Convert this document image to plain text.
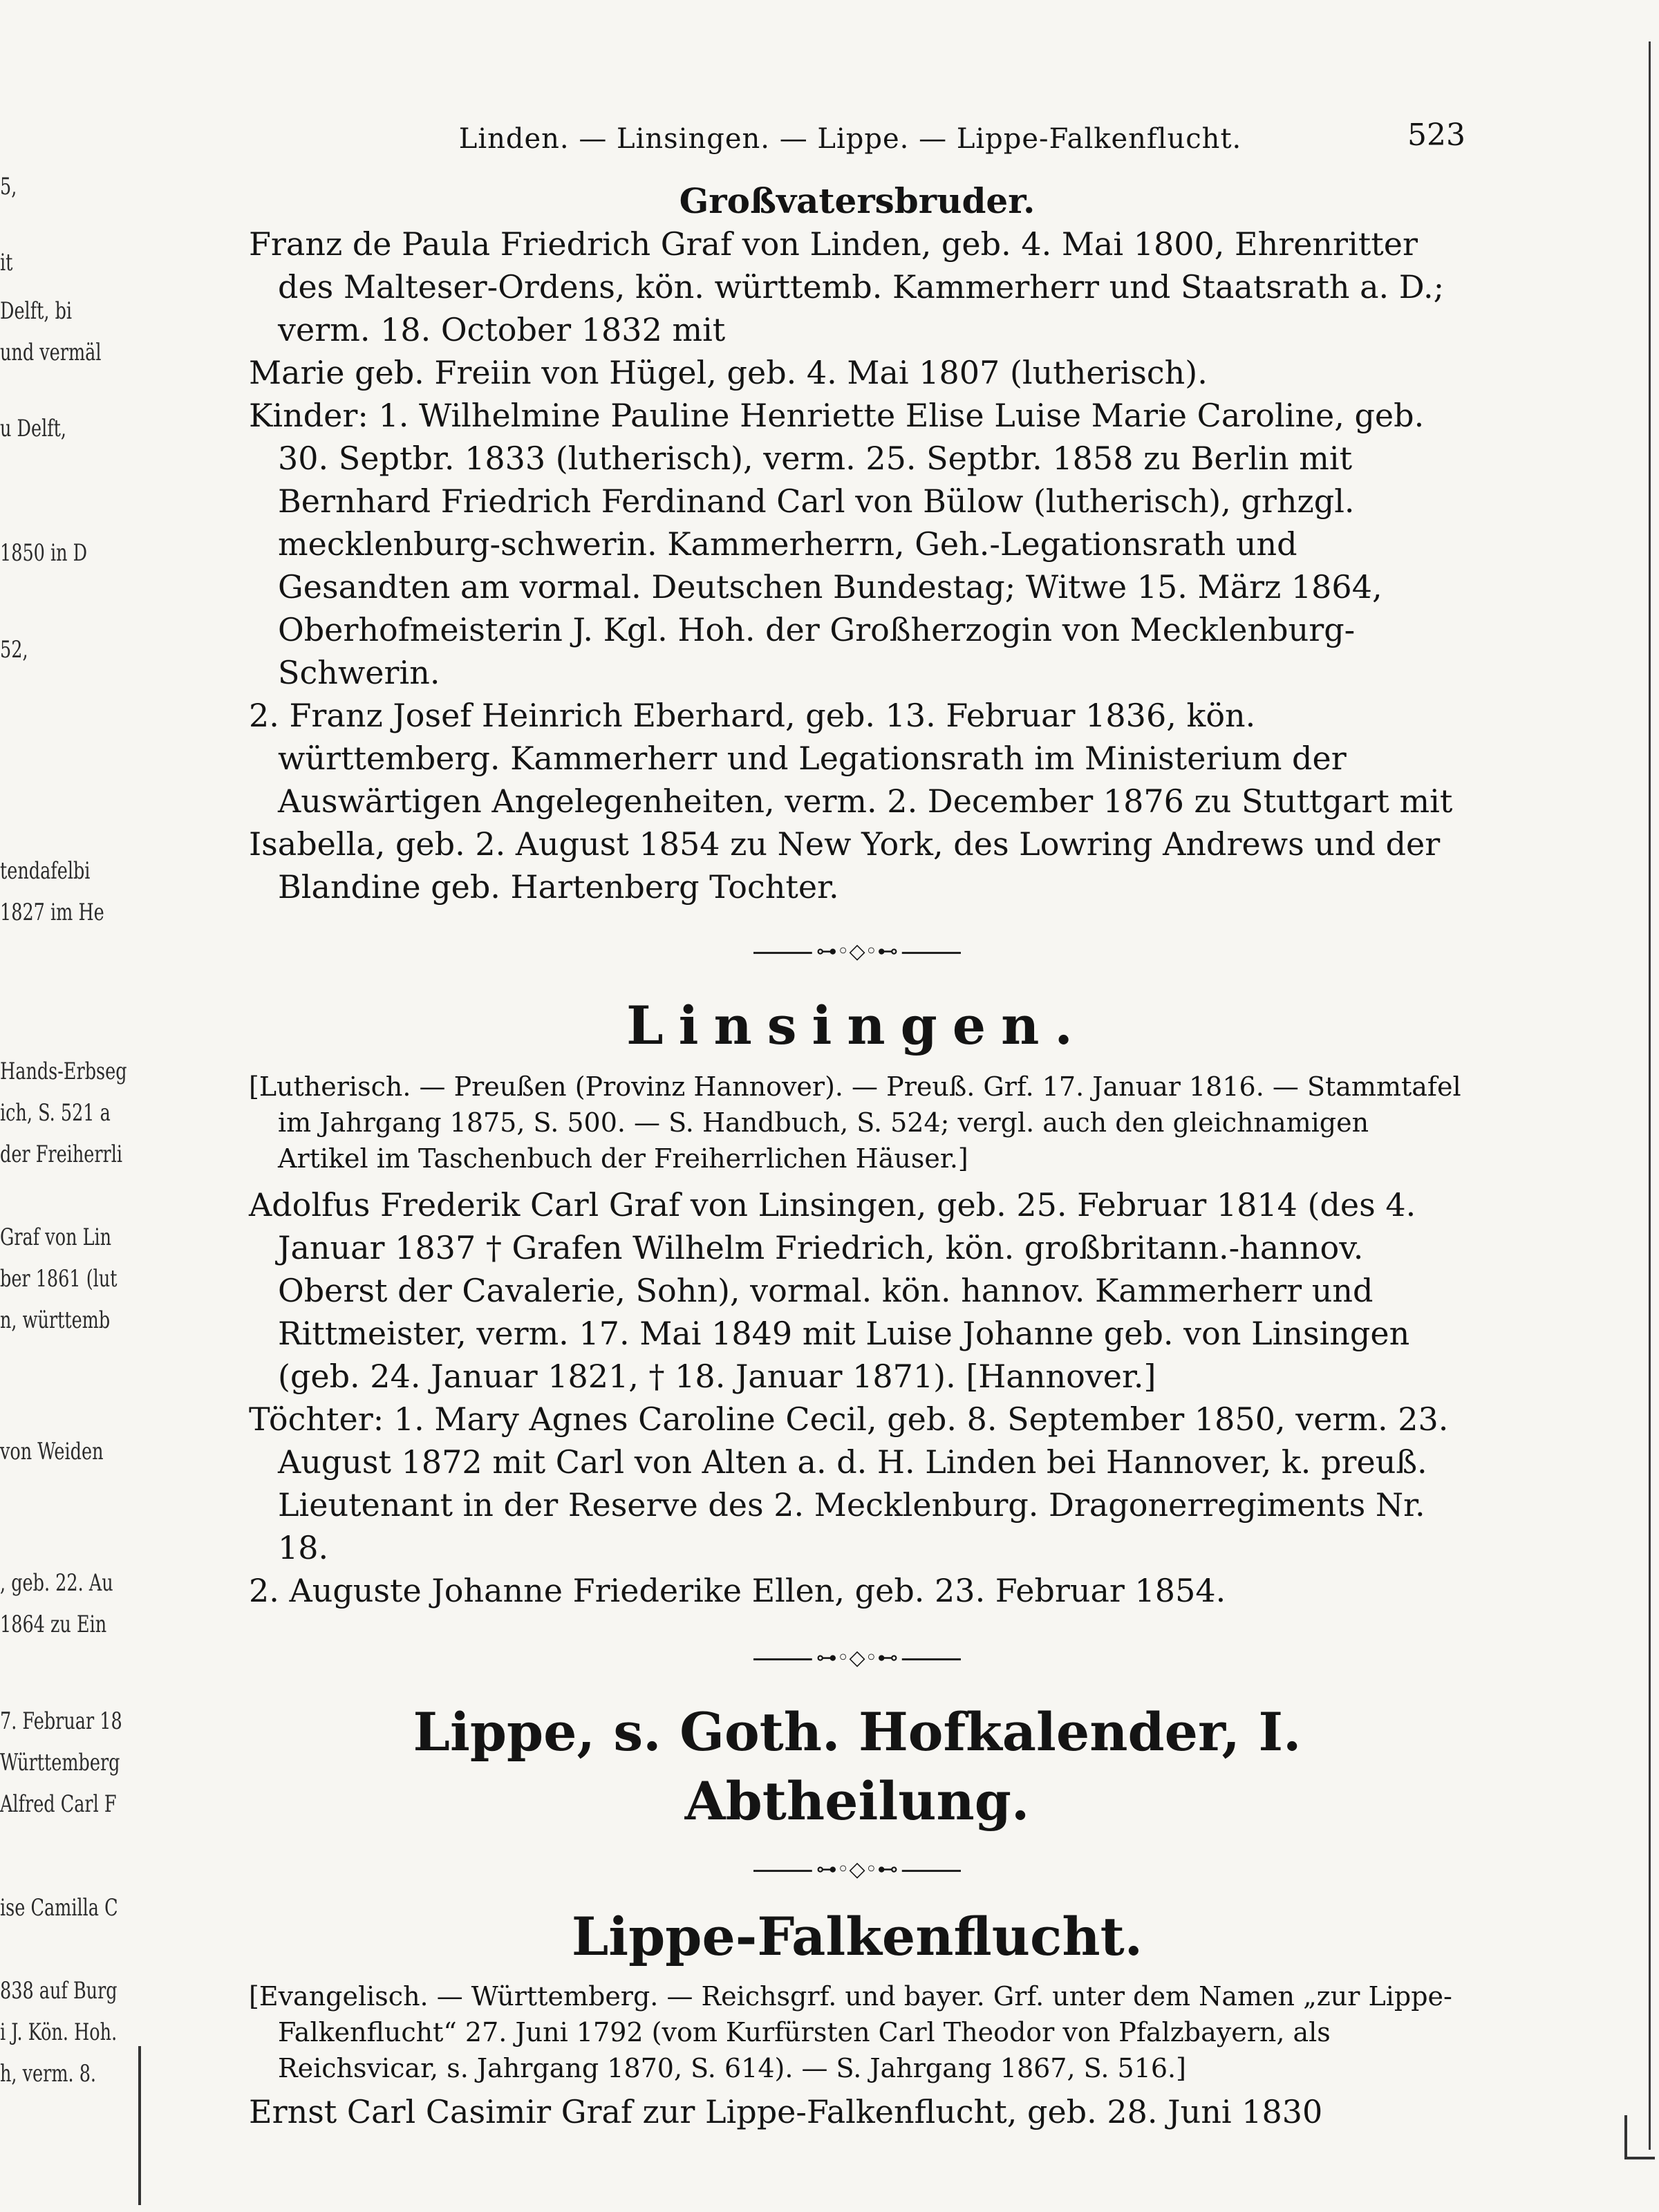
5,
it
Delft, bi
und vermäl
u Delft,
1850 in D
52,
tendafelbi
1827 im He
Hands-Erbseg
ich, S. 521 a
der Freiherrli
Graf von Lin
ber 1861 (lut
n, württemb
von Weiden
, geb. 22. Au
1864 zu Ein
7. Februar 18
Württemberg
Alfred Carl F
ise Camilla C
838 auf Burg
i J. Kön. Hoh.
h, verm. 8.
Linden. — Linsingen. — Lippe. — Lippe-Falkenflucht.	523

Großvatersbruder.

Franz de Paula Friedrich Graf von Linden, geb. 4. Mai 1800, Ehrenritter des Malteser-Ordens, kön. württemb. Kammerherr und Staatsrath a. D.; verm. 18. October 1832 mit

Marie geb. Freiin von Hügel, geb. 4. Mai 1807 (lutherisch).

Kinder: 1. Wilhelmine Pauline Henriette Elise Luise Marie Caroline, geb. 30. Septbr. 1833 (lutherisch), verm. 25. Septbr. 1858 zu Berlin mit Bernhard Friedrich Ferdinand Carl von Bülow (lutherisch), grhzgl. mecklenburg-schwerin. Kammerherrn, Geh.-Legationsrath und Gesandten am vormal. Deutschen Bundestag; Witwe 15. März 1864, Oberhofmeisterin J. Kgl. Hoh. der Großherzogin von Mecklenburg-Schwerin.

2. Franz Josef Heinrich Eberhard, geb. 13. Februar 1836, kön. württemberg. Kammerherr und Legationsrath im Ministerium der Auswärtigen Angelegenheiten, verm. 2. December 1876 zu Stuttgart mit

Isabella, geb. 2. August 1854 zu New York, des Lowring Andrews und der Blandine geb. Hartenberg Tochter.

⊶◦◇◦⊷

Linsingen.

[Lutherisch. — Preußen (Provinz Hannover). — Preuß. Grf. 17. Januar 1816. — Stammtafel im Jahrgang 1875, S. 500. — S. Handbuch, S. 524; vergl. auch den gleichnamigen Artikel im Taschenbuch der Freiherrlichen Häuser.]

Adolfus Frederik Carl Graf von Linsingen, geb. 25. Februar 1814 (des 4. Januar 1837 † Grafen Wilhelm Friedrich, kön. großbritann.-hannov. Oberst der Cavalerie, Sohn), vormal. kön. hannov. Kammerherr und Rittmeister, verm. 17. Mai 1849 mit Luise Johanne geb. von Linsingen (geb. 24. Januar 1821, † 18. Januar 1871). [Hannover.]

Töchter: 1. Mary Agnes Caroline Cecil, geb. 8. September 1850, verm. 23. August 1872 mit Carl von Alten a. d. H. Linden bei Hannover, k. preuß. Lieutenant in der Reserve des 2. Mecklenburg. Dragonerregiments Nr. 18.

2. Auguste Johanne Friederike Ellen, geb. 23. Februar 1854.

⊶◦◇◦⊷

Lippe, s. Goth. Hofkalender, I. Abtheilung.

⊶◦◇◦⊷

Lippe-Falkenflucht.

[Evangelisch. — Württemberg. — Reichsgrf. und bayer. Grf. unter dem Namen „zur Lippe-Falkenflucht“ 27. Juni 1792 (vom Kurfürsten Carl Theodor von Pfalzbayern, als Reichsvicar, s. Jahrgang 1870, S. 614). — S. Jahrgang 1867, S. 516.]

Ernst Carl Casimir Graf zur Lippe-Falkenflucht, geb. 28. Juni 1830
